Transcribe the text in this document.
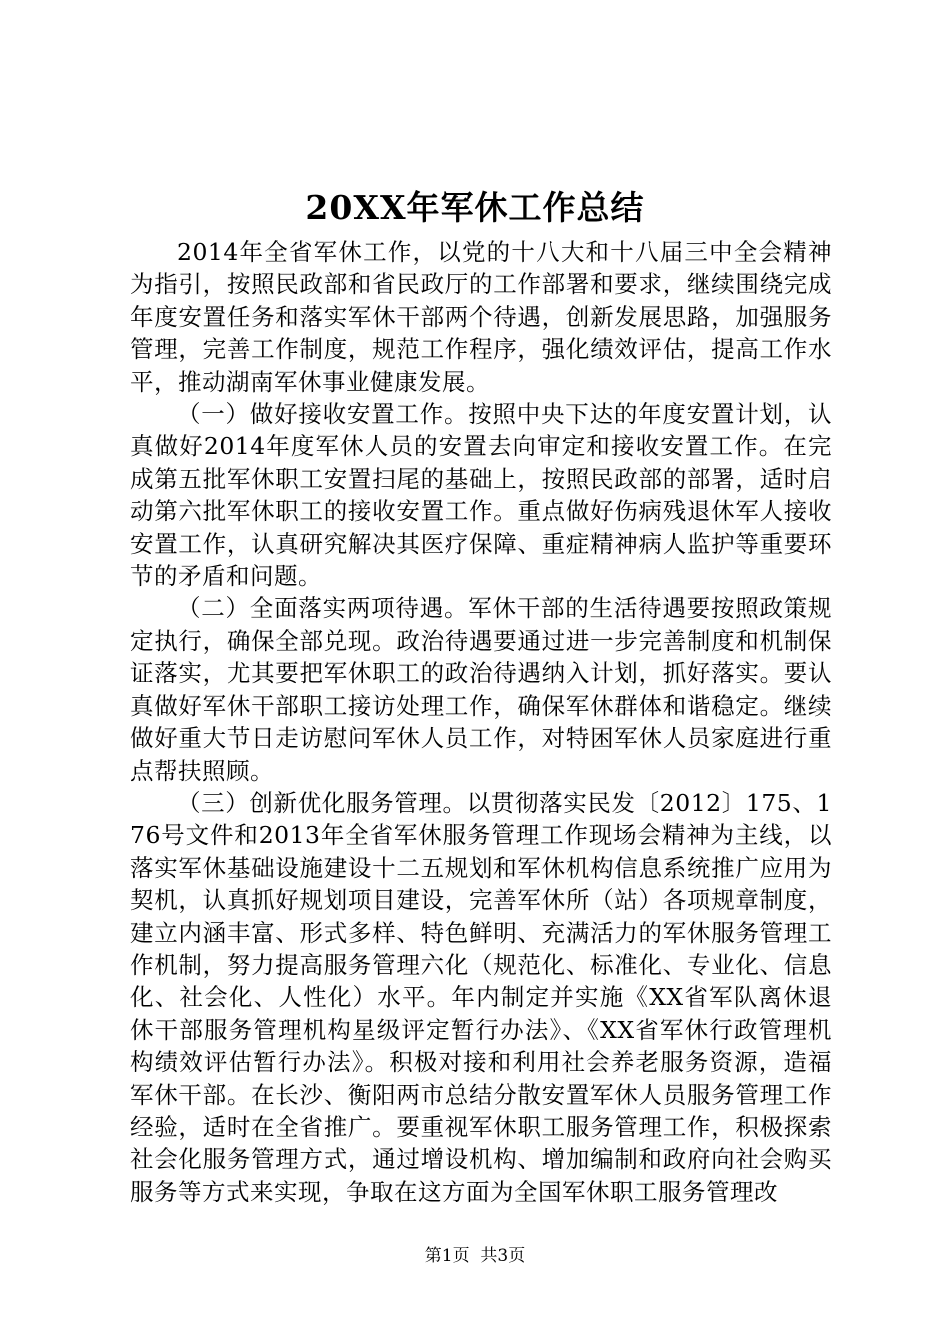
20XX年军休工作总结

2014年全省军休工作，以党的十八大和十八届三中全会精神为指引，按照民政部和省民政厅的工作部署和要求，继续围绕完成年度安置任务和落实军休干部两个待遇，创新发展思路，加强服务管理，完善工作制度，规范工作程序，强化绩效评估，提高工作水平，推动湖南军休事业健康发展。

（一）做好接收安置工作。按照中央下达的年度安置计划，认真做好2014年度军休人员的安置去向审定和接收安置工作。在完成第五批军休职工安置扫尾的基础上，按照民政部的部署，适时启动第六批军休职工的接收安置工作。重点做好伤病残退休军人接收安置工作，认真研究解决其医疗保障、重症精神病人监护等重要环节的矛盾和问题。

（二）全面落实两项待遇。军休干部的生活待遇要按照政策规定执行，确保全部兑现。政治待遇要通过进一步完善制度和机制保证落实，尤其要把军休职工的政治待遇纳入计划，抓好落实。要认真做好军休干部职工接访处理工作，确保军休群体和谐稳定。继续做好重大节日走访慰问军休人员工作，对特困军休人员家庭进行重点帮扶照顾。

（三）创新优化服务管理。以贯彻落实民发〔2012〕175、176号文件和2013年全省军休服务管理工作现场会精神为主线，以落实军休基础设施建设十二五规划和军休机构信息系统推广应用为契机，认真抓好规划项目建设，完善军休所（站）各项规章制度，建立内涵丰富、形式多样、特色鲜明、充满活力的军休服务管理工作机制，努力提高服务管理六化（规范化、标准化、专业化、信息化、社会化、人性化）水平。年内制定并实施《XX省军队离休退休干部服务管理机构星级评定暂行办法》、《XX省军休行政管理机构绩效评估暂行办法》。积极对接和利用社会养老服务资源，造福军休干部。在长沙、衡阳两市总结分散安置军休人员服务管理工作经验，适时在全省推广。要重视军休职工服务管理工作，积极探索社会化服务管理方式，通过增设机构、增加编制和政府向社会购买服务等方式来实现，争取在这方面为全国军休职工服务管理改

第1页  共3页
